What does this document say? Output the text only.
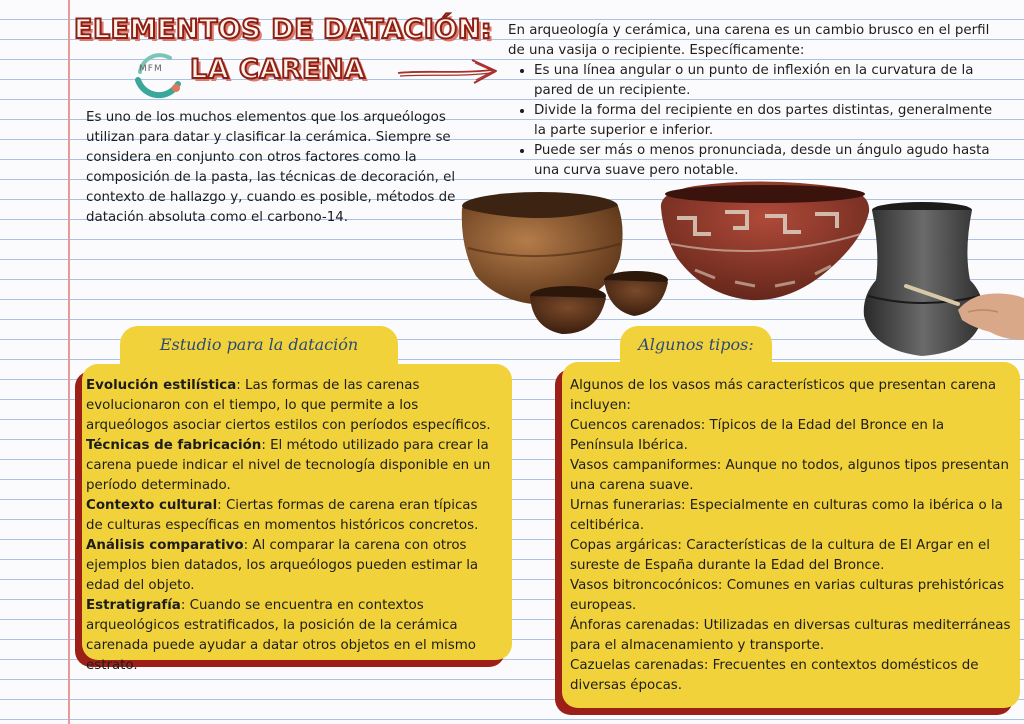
ELEMENTOS DE DATACIÓN:
LA CARENA
MFM

Es uno de los muchos elementos que los arqueólogos utilizan para datar y clasificar la cerámica. Siempre se considera en conjunto con otros factores como la composición de la pasta, las técnicas de decoración, el contexto de hallazgo y, cuando es posible, métodos de datación absoluta como el carbono-14.

En arqueología y cerámica, una carena es un cambio brusco en el perfil de una vasija o recipiente. Específicamente:

• Es una línea angular o un punto de inflexión en la curvatura de la pared de un recipiente.
• Divide la forma del recipiente en dos partes distintas, generalmente la parte superior e inferior.
• Puede ser más o menos pronunciada, desde un ángulo agudo hasta una curva suave pero notable.
Estudio para la datación

Evolución estilística: Las formas de las carenas evolucionaron con el tiempo, lo que permite a los arqueólogos asociar ciertos estilos con períodos específicos.

Técnicas de fabricación: El método utilizado para crear la carena puede indicar el nivel de tecnología disponible en un período determinado.

Contexto cultural: Ciertas formas de carena eran típicas de culturas específicas en momentos históricos concretos.

Análisis comparativo: Al comparar la carena con otros ejemplos bien datados, los arqueólogos pueden estimar la edad del objeto.

Estratigrafía: Cuando se encuentra en contextos arqueológicos estratificados, la posición de la cerámica carenada puede ayudar a datar otros objetos en el mismo estrato.

Algunos tipos:

Algunos de los vasos más característicos que presentan carena incluyen:

Cuencos carenados: Típicos de la Edad del Bronce en la Península Ibérica.

Vasos campaniformes: Aunque no todos, algunos tipos presentan una carena suave.

Urnas funerarias: Especialmente en culturas como la ibérica o la celtibérica.

Copas argáricas: Características de la cultura de El Argar en el sureste de España durante la Edad del Bronce.

Vasos bitroncocónicos: Comunes en varias culturas prehistóricas europeas.

Ánforas carenadas: Utilizadas en diversas culturas mediterráneas para el almacenamiento y transporte.

Cazuelas carenadas: Frecuentes en contextos domésticos de diversas épocas.
